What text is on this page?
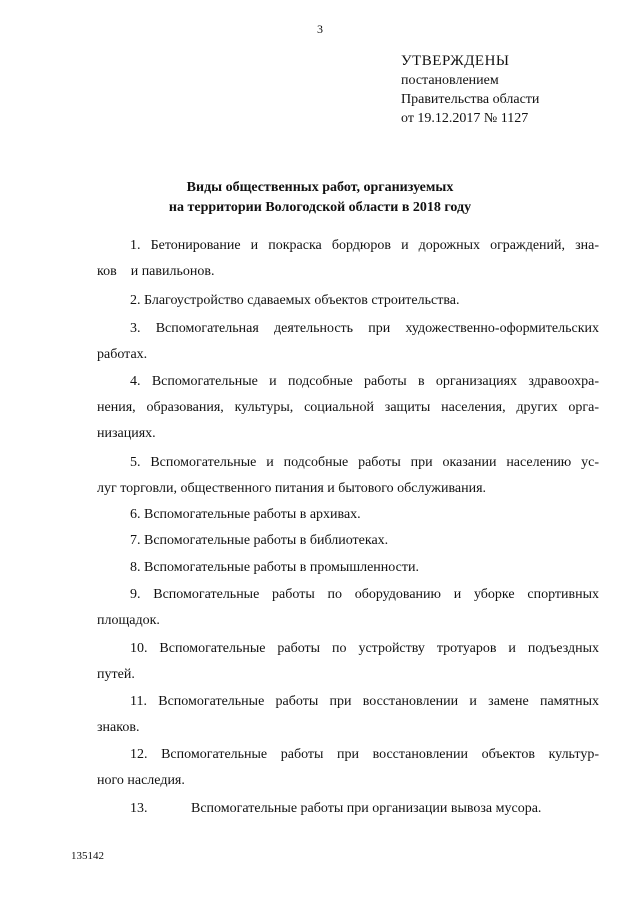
3
УТВЕРЖДЕНЫ
постановлением
Правительства области
от 19.12.2017 № 1127
Виды общественных работ, организуемых
на территории Вологодской области в 2018 году
1. Бетонирование и покраска бордюров и дорожных ограждений, зна-
ков    и павильонов.
2. Благоустройство сдаваемых объектов строительства.
3. Вспомогательная деятельность при художественно-оформительских
работах.
4. Вспомогательные и подсобные работы в организациях здравоохра-
нения, образования, культуры, социальной защиты населения, других орга-
низациях.
5. Вспомогательные и подсобные работы при оказании населению ус-
луг торговли, общественного питания и бытового обслуживания.
6. Вспомогательные работы в архивах.
7. Вспомогательные работы в библиотеках.
8. Вспомогательные работы в промышленности.
9. Вспомогательные работы по оборудованию и уборке спортивных
площадок.
10. Вспомогательные работы по устройству тротуаров и подъездных
путей.
11. Вспомогательные работы при восстановлении и замене памятных
знаков.
12. Вспомогательные работы при восстановлении объектов культур-
ного наследия.
13.	Вспомогательные работы при организации вывоза мусора.
135142
